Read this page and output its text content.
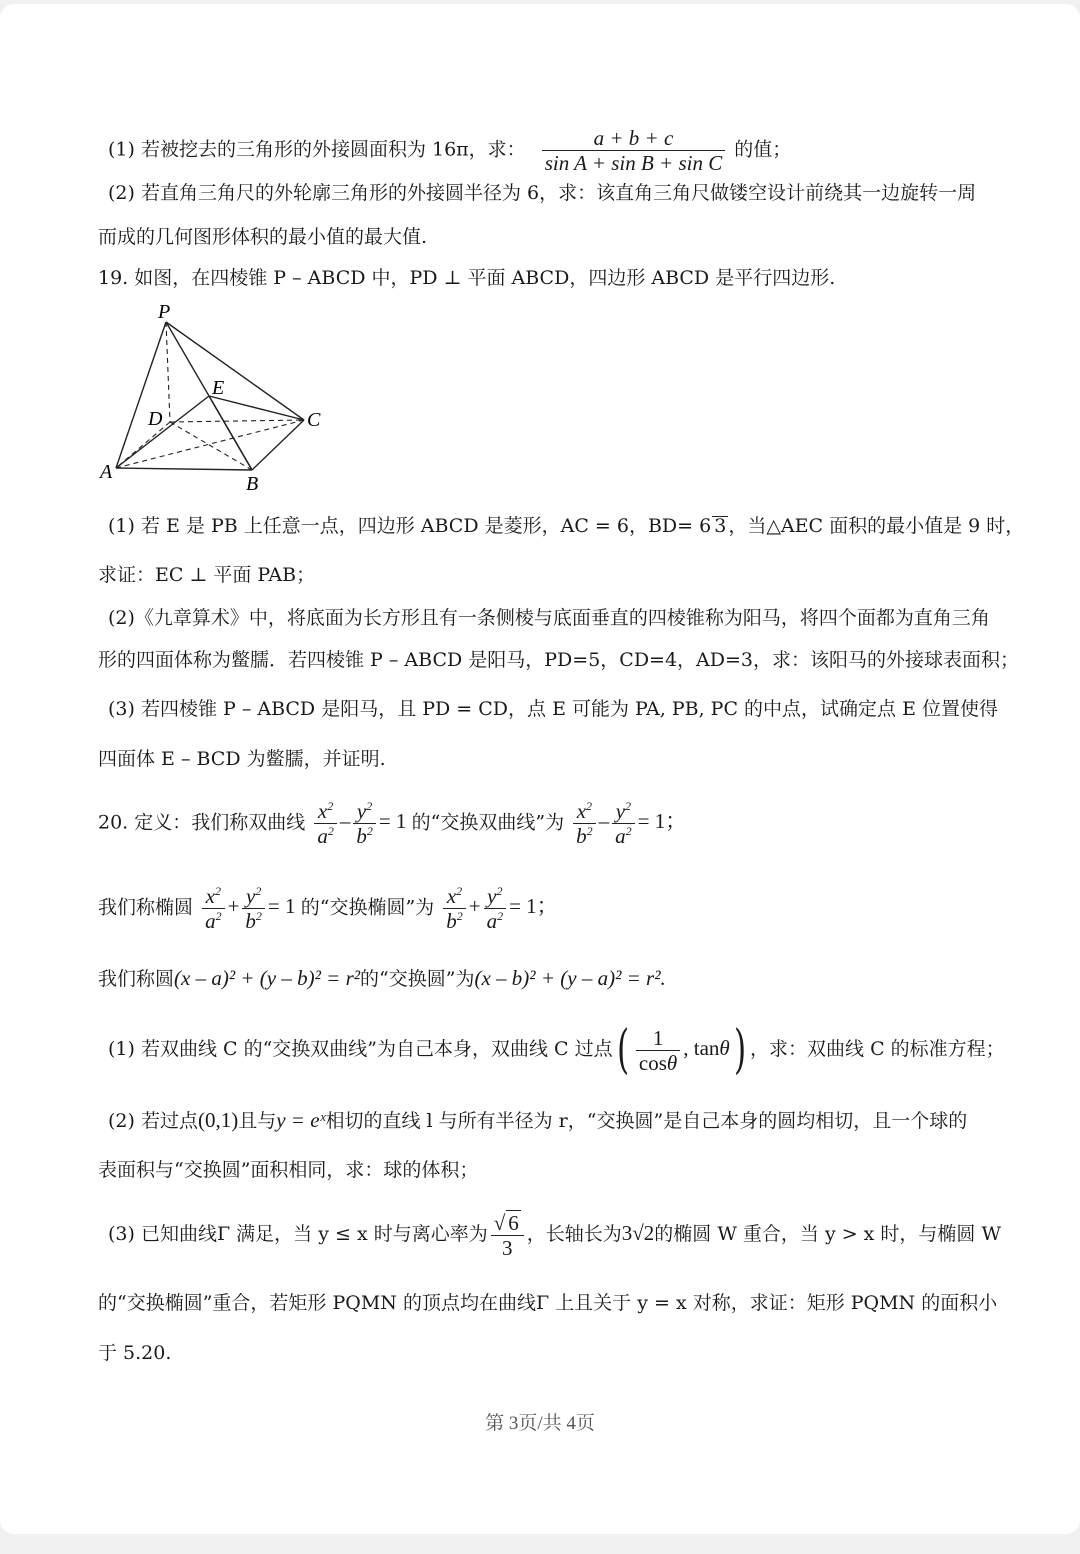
(1) 若被挖去的三角形的外接圆面积为 16π，求： $\frac{a + b + c}{\text{sin A + sin B + sin C}}$ 的值；
(2) 若直角三角尺的外轮廓三角形的外接圆半径为 6，求：该直角三角尺做镂空设计前绕其一边旋转一周
而成的几何图形体积的最小值的最大值.
19. 如图，在四棱锥 P – ABCD 中，PD ⊥ 平面 ABCD，四边形 ABCD 是平行四边形.
P
E
D	C
A
B
(1) 若 E 是 PB 上任意一点，四边形 ABCD 是菱形，AC = 6，BD= 6 3 ，当△AEC 面积的最小值是 9 时，
求证：EC ⊥ 平面 PAB；
(2)《九章算术》中，将底面为长方形且有一条侧棱与底面垂直的四棱锥称为阳马，将四个面都为直角三角
形的四面体称为鳖臑．若四棱锥 P – ABCD 是阳马，PD=5，CD=4，AD=3，求：该阳马的外接球表面积；
(3) 若四棱锥 P – ABCD 是阳马，且 PD = CD，点 E 可能为 PA, PB, PC 的中点，试确定点 E 位置使得
四面体 E – BCD 为鳖臑，并证明.
20. 定义：我们称双曲线 $\frac{x^2}{a^2} - \frac{y^2}{b^2} = 1$ 的“交换双曲线”为 $\frac{x^2}{b^2} - \frac{y^2}{a^2} = 1$；
我们称椭圆 $\frac{x^2}{a^2} + \frac{y^2}{b^2} = 1$ 的“交换椭圆”为 $\frac{x^2}{b^2} + \frac{y^2}{a^2} = 1$；
我们称圆(x – a)² + (y – b)² = r²的“交换圆”为(x – b)² + (y – a)² = r².
(1) 若双曲线 C 的“交换双曲线”为自己本身，双曲线 C 过点( $\frac{1}{\cos\theta}$ , tanθ) ，求：双曲线 C 的标准方程；
(2) 若过点(0,1)且与y = eˣ相切的直线 l 与所有半径为 r，“交换圆”是自己本身的圆均相切，且一个球的
表面积与“交换圆”面积相同，求：球的体积；
(3) 已知曲线Γ 满足，当 y ≤ x 时与离心率为 $\frac{√ 6}{3}$ ，长轴长为3√2的椭圆 W 重合，当 y > x 时，与椭圆 W
的“交换椭圆”重合，若矩形 PQMN 的顶点均在曲线Γ 上且关于 y = x 对称，求证：矩形 PQMN 的面积小
于 5.20.
第 3页/共 4页
